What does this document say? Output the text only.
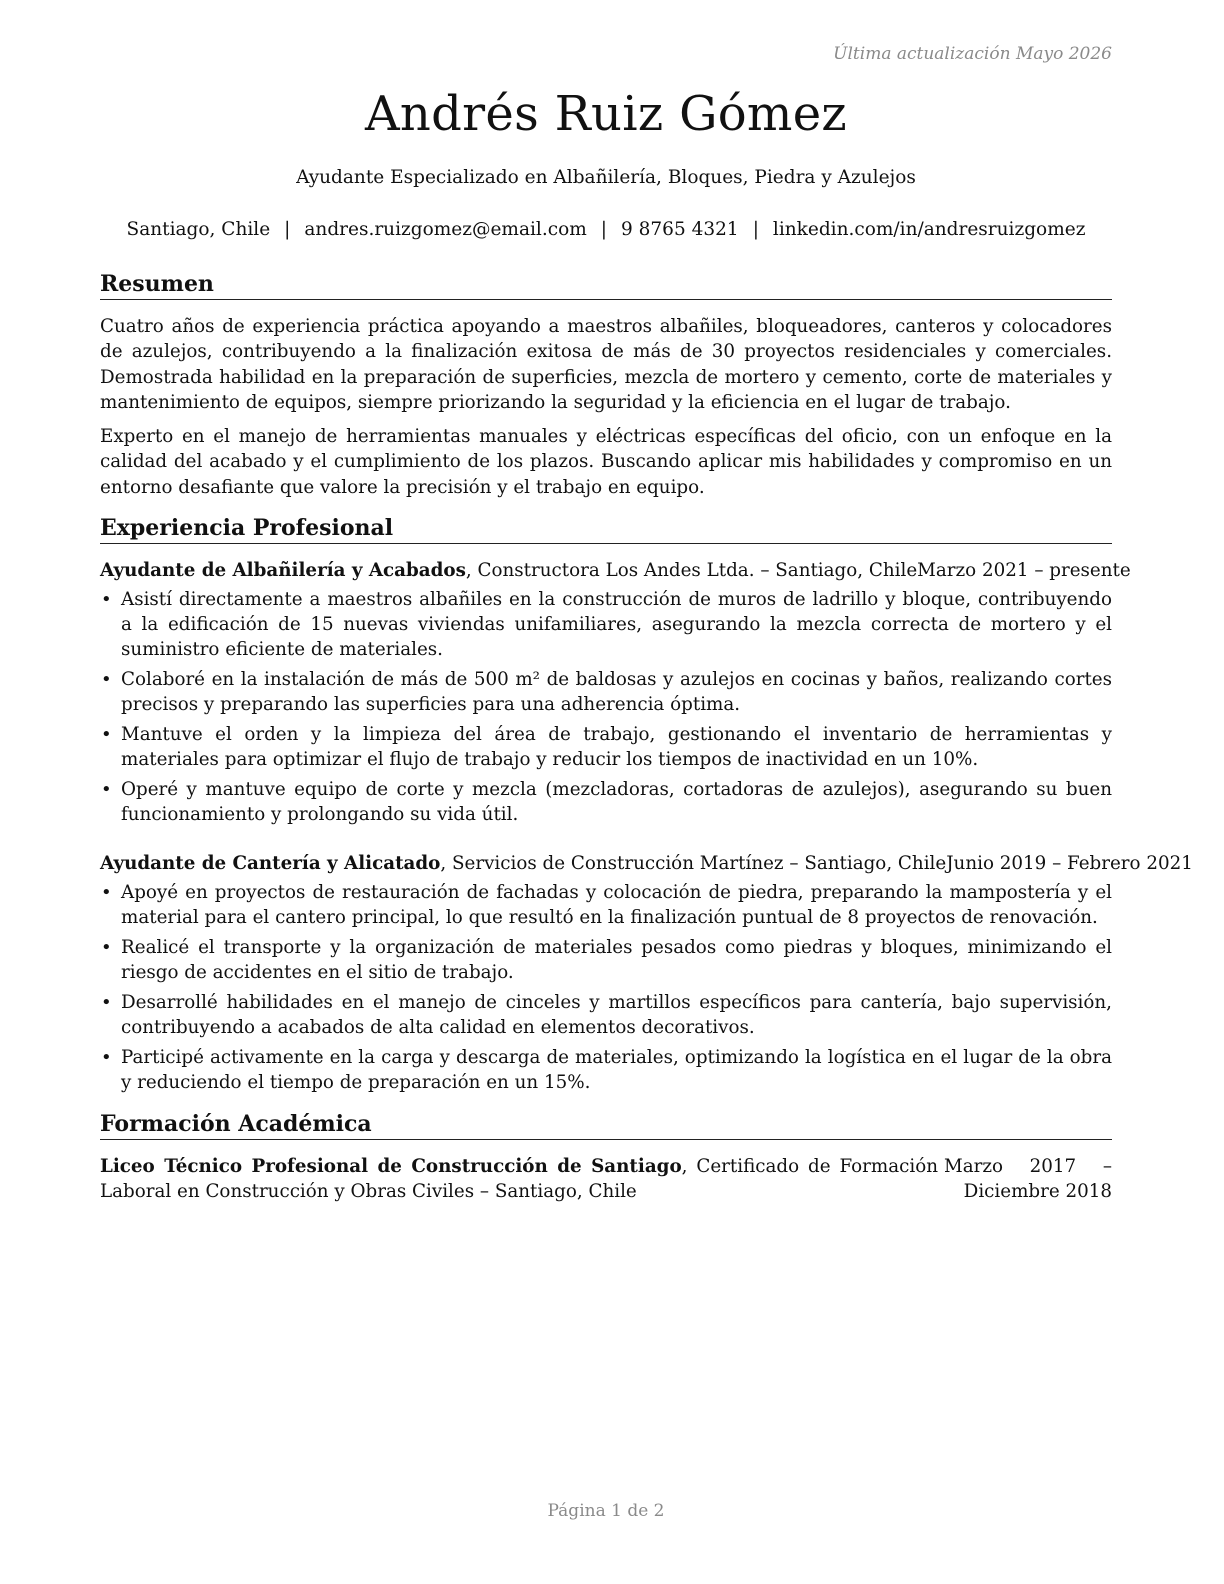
Última actualización Mayo 2026
Andrés Ruiz Gómez
Ayudante Especializado en Albañilería, Bloques, Piedra y Azulejos
Santiago, Chile | andres.ruizgomez@email.com | 9 8765 4321 | linkedin.com/in/andresruizgomez
Resumen

Cuatro años de experiencia práctica apoyando a maestros albañiles, bloqueadores, canteros y colocadores de azulejos, contribuyendo a la finalización exitosa de más de 30 proyectos residenciales y comerciales. Demostrada habilidad en la preparación de superficies, mezcla de mortero y cemento, corte de materiales y mantenimiento de equipos, siempre priorizando la seguridad y la eficiencia en el lugar de trabajo.

Experto en el manejo de herramientas manuales y eléctricas específicas del oficio, con un enfoque en la calidad del acabado y el cumplimiento de los plazos. Buscando aplicar mis habilidades y compromiso en un entorno desafiante que valore la precisión y el trabajo en equipo.

Experiencia Profesional
Ayudante de Albañilería y Acabados, Constructora Los Andes Ltda. – Santiago, Chile Marzo 2021 – presente
• Asistí directamente a maestros albañiles en la construcción de muros de ladrillo y bloque, contribuyendo a la edificación de 15 nuevas viviendas unifamiliares, asegurando la mezcla correcta de mortero y el suministro eficiente de materiales.
• Colaboré en la instalación de más de 500 m² de baldosas y azulejos en cocinas y baños, realizando cortes precisos y preparando las superficies para una adherencia óptima.
• Mantuve el orden y la limpieza del área de trabajo, gestionando el inventario de herramientas y materiales para optimizar el flujo de trabajo y reducir los tiempos de inactividad en un 10%.
• Operé y mantuve equipo de corte y mezcla (mezcladoras, cortadoras de azulejos), asegurando su buen funcionamiento y prolongando su vida útil.
Ayudante de Cantería y Alicatado, Servicios de Construcción Martínez – Santiago, Chile Junio 2019 – Febrero 2021
• Apoyé en proyectos de restauración de fachadas y colocación de piedra, preparando la mampostería y el material para el cantero principal, lo que resultó en la finalización puntual de 8 proyectos de renovación.
• Realicé el transporte y la organización de materiales pesados como piedras y bloques, minimizando el riesgo de accidentes en el sitio de trabajo.
• Desarrollé habilidades en el manejo de cinceles y martillos específicos para cantería, bajo supervisión, contribuyendo a acabados de alta calidad en elementos decorativos.
• Participé activamente en la carga y descarga de materiales, optimizando la logística en el lugar de la obra y reduciendo el tiempo de preparación en un 15%.
Formación Académica
Liceo Técnico Profesional de Construcción de Santiago, Certificado de Formación Laboral en Construcción y Obras Civiles – Santiago, Chile
Marzo 2017 – Diciembre 2018
Página 1 de 2
